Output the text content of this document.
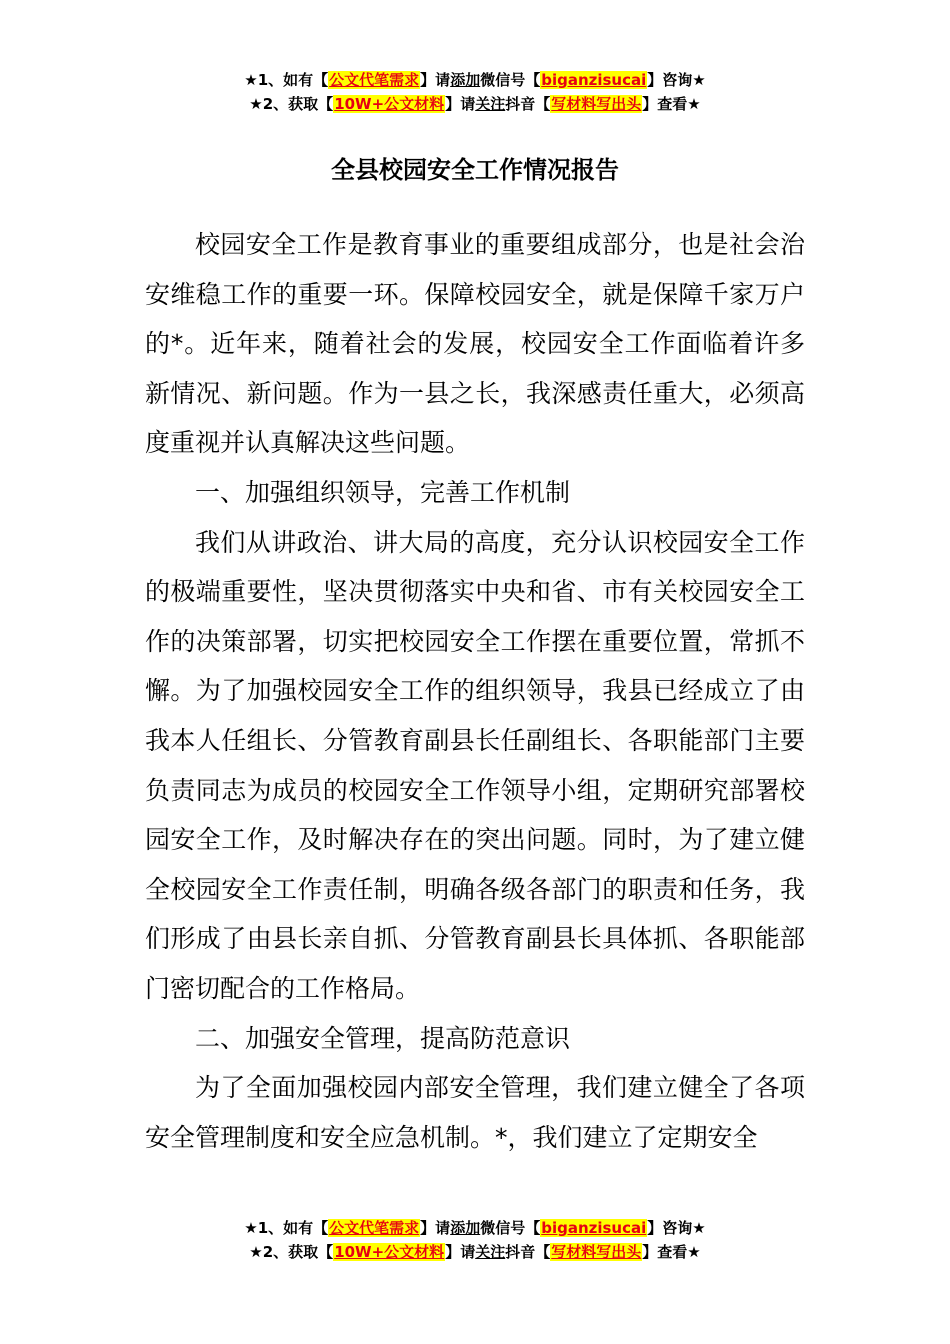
★1、如有【公文代笔需求】请添加微信号【biganzisucai】咨询★
★2、获取【10W+公文材料】请关注抖音【写材料写出头】查看★
全县校园安全工作情况报告

校园安全工作是教育事业的重要组成部分，也是社会治安维稳工作的重要一环。保障校园安全，就是保障千家万户的*。近年来，随着社会的发展，校园安全工作面临着许多新情况、新问题。作为一县之长，我深感责任重大，必须高度重视并认真解决这些问题。

一、加强组织领导，完善工作机制

我们从讲政治、讲大局的高度，充分认识校园安全工作的极端重要性，坚决贯彻落实中央和省、市有关校园安全工作的决策部署，切实把校园安全工作摆在重要位置，常抓不懈。为了加强校园安全工作的组织领导，我县已经成立了由我本人任组长、分管教育副县长任副组长、各职能部门主要负责同志为成员的校园安全工作领导小组，定期研究部署校园安全工作，及时解决存在的突出问题。同时，为了建立健全校园安全工作责任制，明确各级各部门的职责和任务，我们形成了由县长亲自抓、分管教育副县长具体抓、各职能部门密切配合的工作格局。

二、加强安全管理，提高防范意识

为了全面加强校园内部安全管理，我们建立健全了各项安全管理制度和安全应急机制。*，我们建立了定期安全

★1、如有【公文代笔需求】请添加微信号【biganzisucai】咨询★
★2、获取【10W+公文材料】请关注抖音【写材料写出头】查看★
